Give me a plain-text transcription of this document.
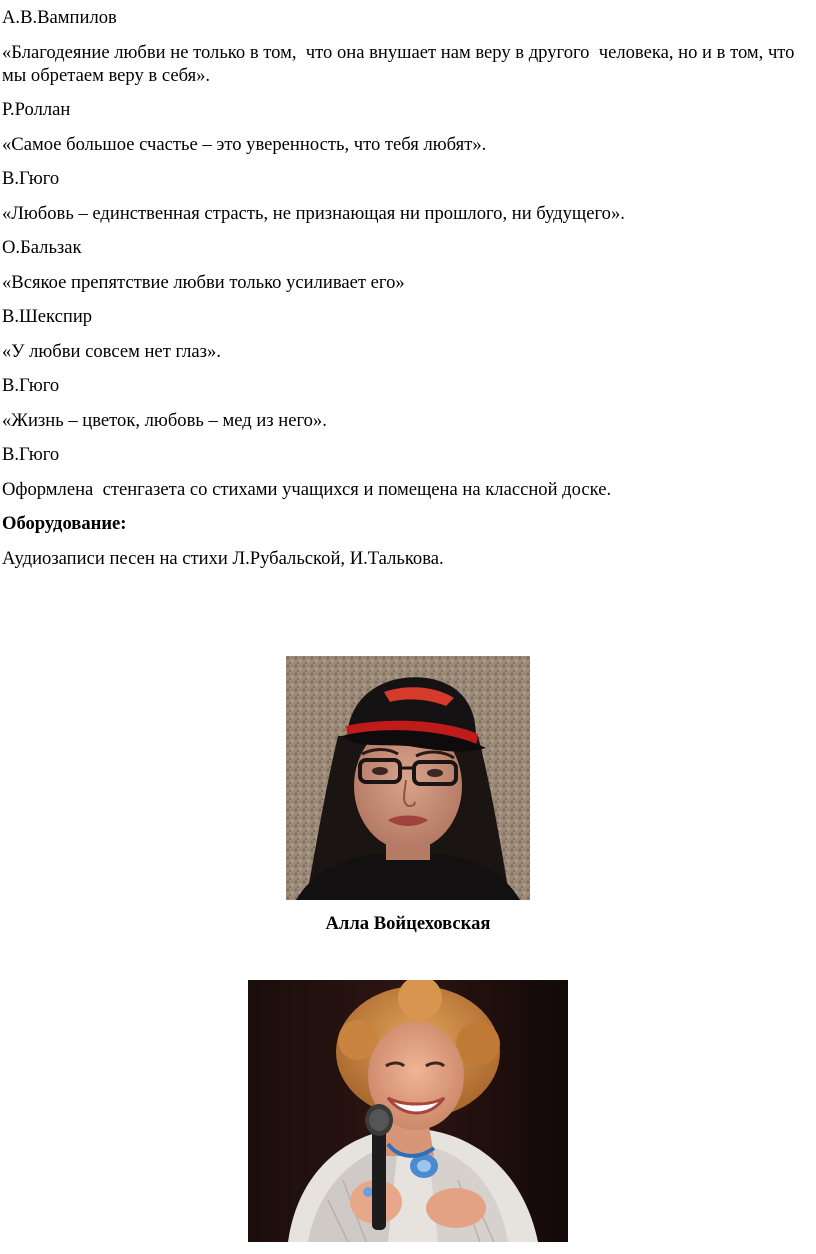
А.В.Вампилов

«Благодеяние любви не только в том,  что она внушает нам веру в другого  человека, но и в том, что мы обретаем веру в себя».

Р.Роллан

«Самое большое счастье – это уверенность, что тебя любят».

В.Гюго

«Любовь – единственная страсть, не признающая ни прошлого, ни будущего».

О.Бальзак

«Всякое препятствие любви только усиливает его»

В.Шекспир

«У любви совсем нет глаз».

В.Гюго

«Жизнь – цветок, любовь – мед из него».

В.Гюго

Оформлена  стенгазета со стихами учащихся и помещена на классной доске.

Оборудование:

Аудиозаписи песен на стихи Л.Рубальской, И.Талькова.

Алла Войцеховская
